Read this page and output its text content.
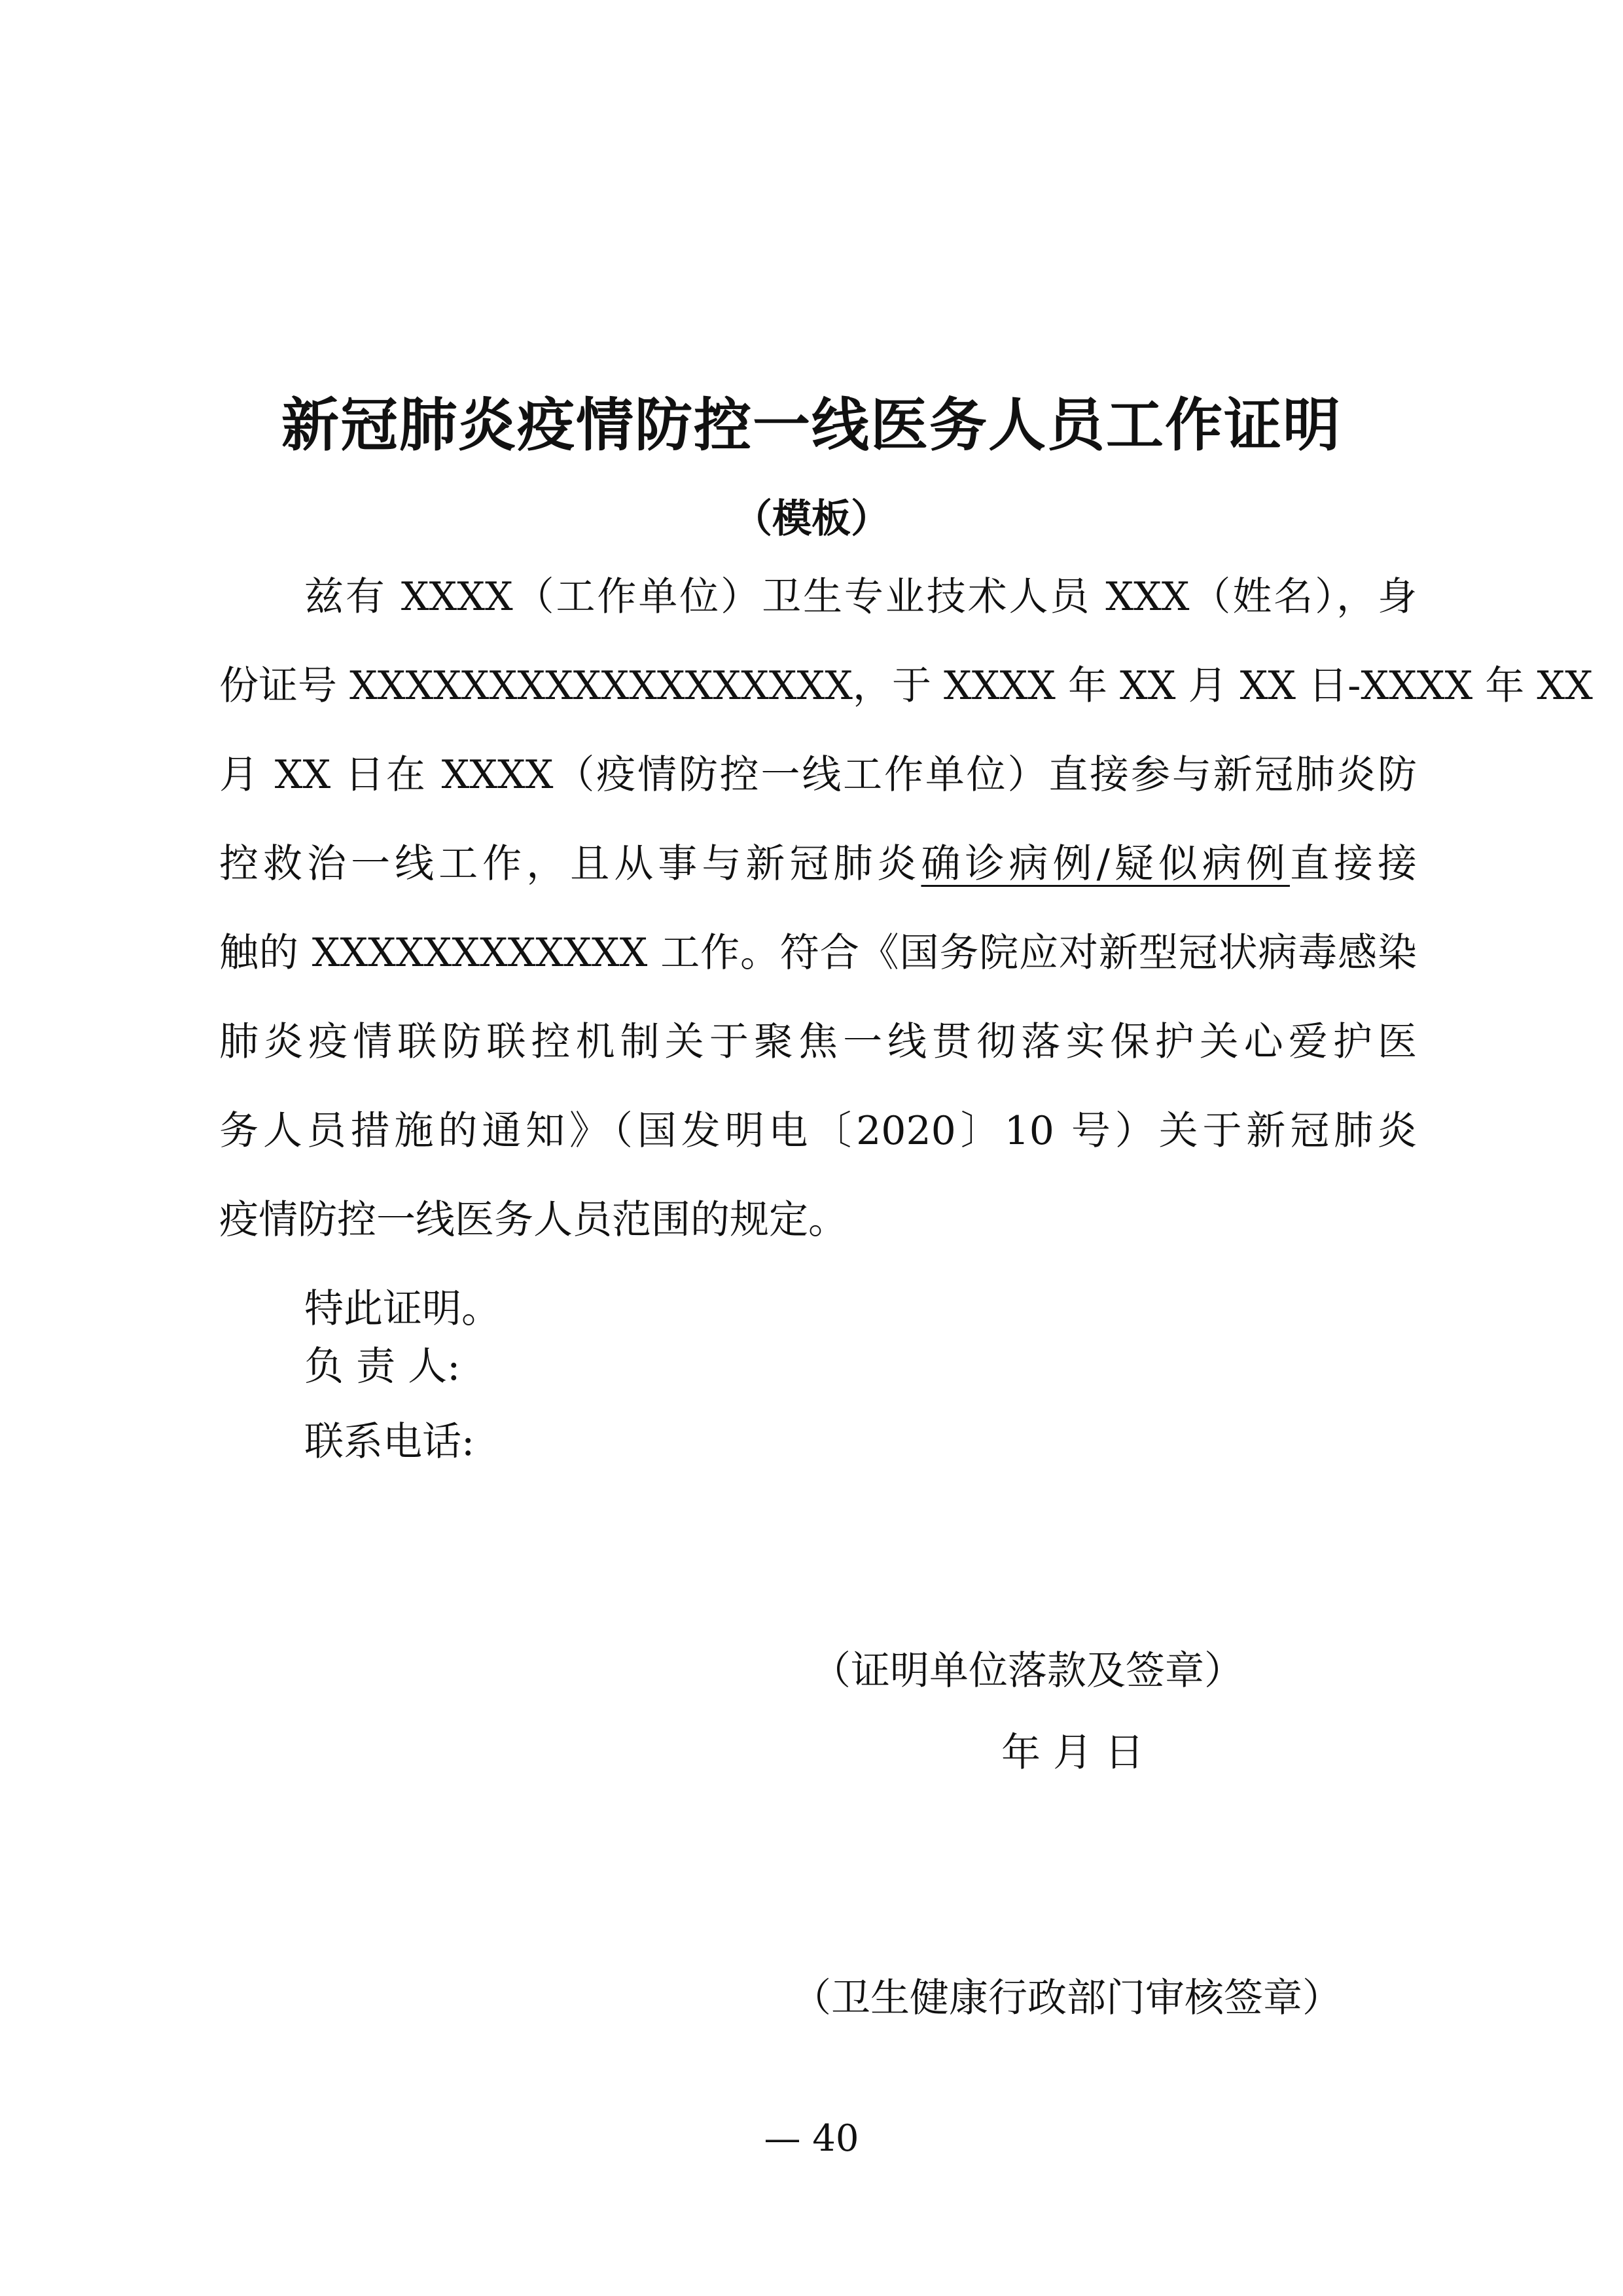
新冠肺炎疫情防控一线医务人员工作证明
（模板）
兹有 XXXX（工作单位）卫生专业技术人员 XXX（姓名），身
份证号 XXXXXXXXXXXXXXXXXX，于 XXXX 年 XX 月 XX 日-XXXX 年 XX
月 XX 日在 XXXX（疫情防控一线工作单位）直接参与新冠肺炎防
控救治一线工作，且从事与新冠肺炎确诊病例/疑似病例直接接
触的 XXXXXXXXXXXX 工作。符合《国务院应对新型冠状病毒感染
肺炎疫情联防联控机制关于聚焦一线贯彻落实保护关心爱护医
务人员措施的通知》（国发明电〔2020〕10 号）关于新冠肺炎
疫情防控一线医务人员范围的规定。
特此证明。
负 责 人:
联系电话:
（证明单位落款及签章）
年 月 日
（卫生健康行政部门审核签章）
— 40
